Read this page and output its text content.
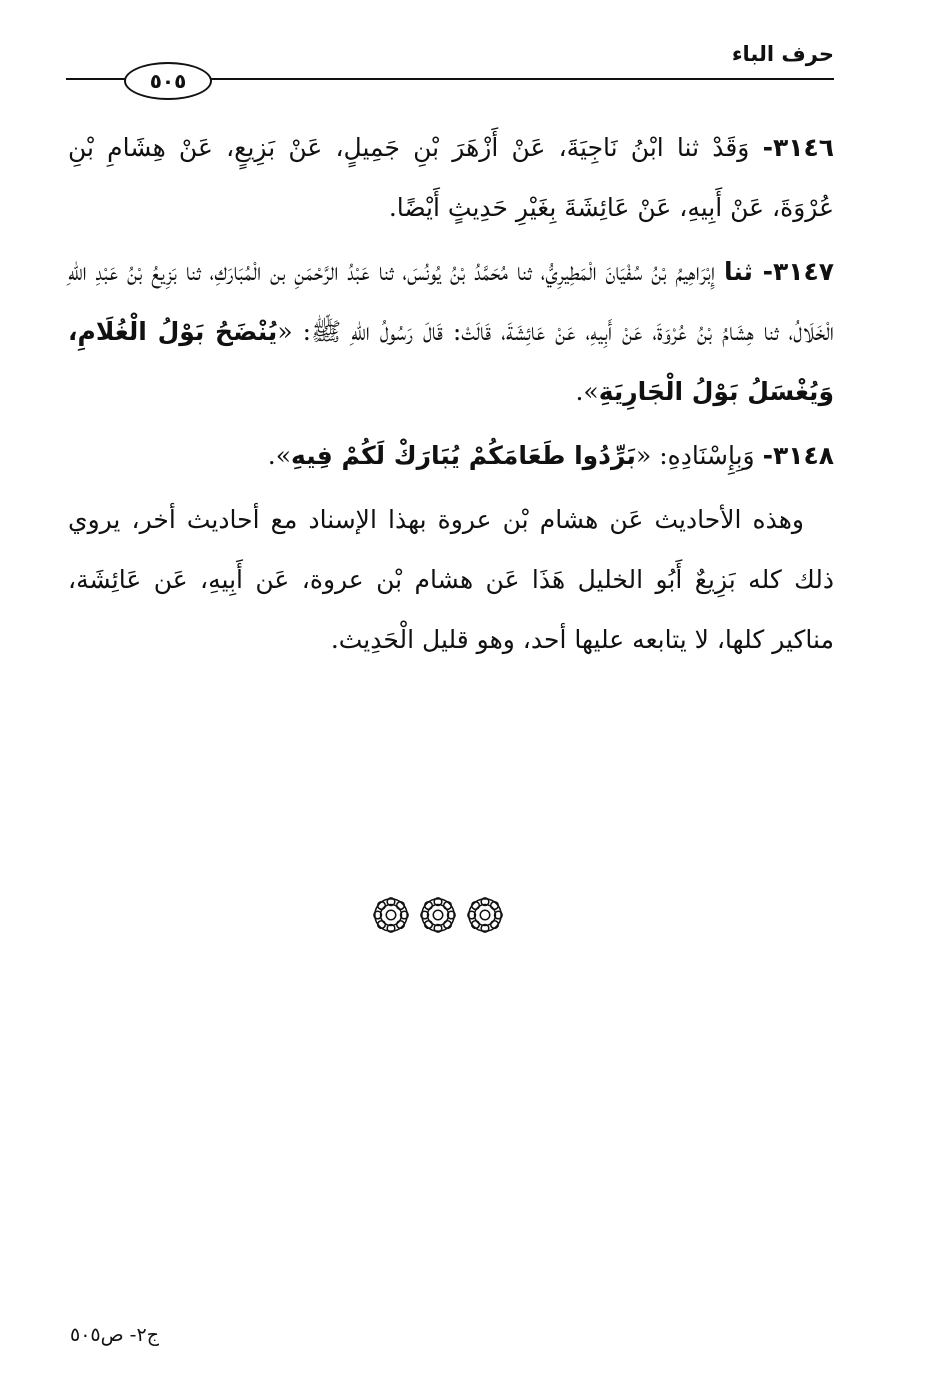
حرف الباء
٥٠٥

٣١٤٦- وَقَدْ ثنا ابْنُ نَاجِيَةَ، عَنْ أَزْهَرَ بْنِ جَمِيلٍ، عَنْ بَزِيعٍ، عَنْ هِشَامِ بْنِ عُرْوَةَ، عَنْ أَبِيهِ، عَنْ عَائِشَةَ بِغَيْرِ حَدِيثٍ أَيْضًا.

٣١٤٧- ثنا إِبْرَاهِيمُ بْنُ سُفْيَانَ الْمَطِيرِيُّ، ثنا مُحَمَّدُ بْنُ يُونُسَ، ثنا عَبْدُ الرَّحْمَنِ بن الْمُبَارَكِ، ثنا بَزِيعُ بْنُ عَبْدِ اللهِ الْخَلَالُ، ثنا هِشَامُ بْنُ عُرْوَةَ، عَنْ أَبِيهِ، عَنْ عَائِشَةَ، قَالَتْ: قَالَ رَسُولُ اللهِ ﷺ: «يُنْضَحُ بَوْلُ الْغُلَامِ، وَيُغْسَلُ بَوْلُ الْجَارِيَةِ».

٣١٤٨- وَبِإِسْنَادِهِ: «بَرِّدُوا طَعَامَكُمْ يُبَارَكْ لَكُمْ فِيهِ».

وهذه الأحاديث عَن هشام بْن عروة بهذا الإسناد مع أحاديث أخر، يروي ذلك كله بَزِيعٌ أَبُو الخليل هَذَا عَن هشام بْن عروة، عَن أَبِيهِ، عَن عَائِشَة، مناكير كلها، لا يتابعه عليها أحد، وهو قليل الْحَدِيث.

ج٢- ص٥٠٥
